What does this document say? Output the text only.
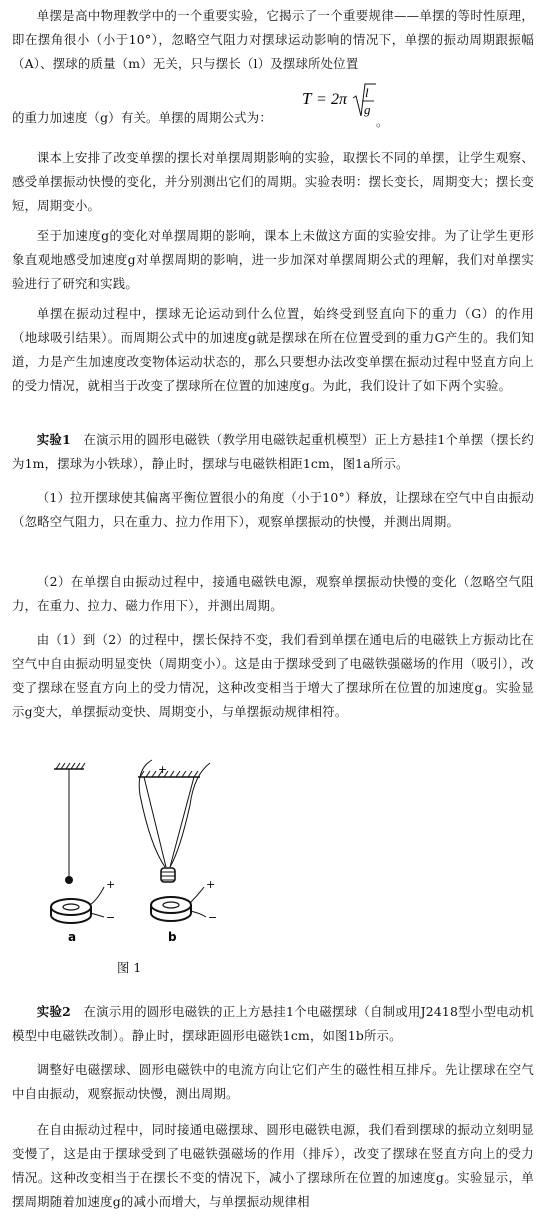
单摆是高中物理教学中的一个重要实验，它揭示了一个重要规律——单摆的等时性原理，即在摆角很小（小于10°），忽略空气阻力对摆球运动影响的情况下，单摆的振动周期跟振幅（A）、摆球的质量（m）无关，只与摆长（l）及摆球所处位置

的重力加速度（g）有关。单摆的周期公式为：	。
T = 2π l
g

课本上安排了改变单摆的摆长对单摆周期影响的实验，取摆长不同的单摆，让学生观察、感受单摆振动快慢的变化，并分别测出它们的周期。实验表明：摆长变长，周期变大；摆长变短，周期变小。

至于加速度g的变化对单摆周期的影响，课本上未做这方面的实验安排。为了让学生更形象直观地感受加速度g对单摆周期的影响，进一步加深对单摆周期公式的理解，我们对单摆实验进行了研究和实践。

单摆在振动过程中，摆球无论运动到什么位置，始终受到竖直向下的重力（G）的作用（地球吸引结果）。而周期公式中的加速度g就是摆球在所在位置受到的重力G产生的。我们知道，力是产生加速度改变物体运动状态的，那么只要想办法改变单摆在振动过程中竖直方向上的受力情况，就相当于改变了摆球所在位置的加速度g。为此，我们设计了如下两个实验。

实验1 在演示用的圆形电磁铁（教学用电磁铁起重机模型）正上方悬挂1个单摆（摆长约为1m，摆球为小铁球），静止时，摆球与电磁铁相距1cm，图1a所示。

（1）拉开摆球使其偏离平衡位置很小的角度（小于10°）释放，让摆球在空气中自由振动（忽略空气阻力，只在重力、拉力作用下），观察单摆振动的快慢，并测出周期。

（2）在单摆自由振动过程中，接通电磁铁电源，观察单摆振动快慢的变化（忽略空气阻力，在重力、拉力、磁力作用下），并测出周期。

由（1）到（2）的过程中，摆长保持不变，我们看到单摆在通电后的电磁铁上方振动比在空气中自由振动明显变快（周期变小）。这是由于摆球受到了电磁铁强磁场的作用（吸引），改变了摆球在竖直方向上的受力情况，这种改变相当于增大了摆球所在位置的加速度g。实验显示g变大，单摆振动变快、周期变小，与单摆振动规律相符。

+
−
a
+
+
−
b
图1

实验2 在演示用的圆形电磁铁的正上方悬挂1个电磁摆球（自制或用J2418型小型电动机模型中电磁铁改制）。静止时，摆球距圆形电磁铁1cm，如图1b所示。

调整好电磁摆球、圆形电磁铁中的电流方向让它们产生的磁性相互排斥。先让摆球在空气中自由振动，观察振动快慢，测出周期。

在自由振动过程中，同时接通电磁摆球、圆形电磁铁电源，我们看到摆球的振动立刻明显变慢了，这是由于摆球受到了电磁铁强磁场的作用（排斥），改变了摆球在竖直方向上的受力情况。这种改变相当于在摆长不变的情况下，减小了摆球所在位置的加速度g。实验显示，单摆周期随着加速度g的减小而增大，与单摆振动规律相
